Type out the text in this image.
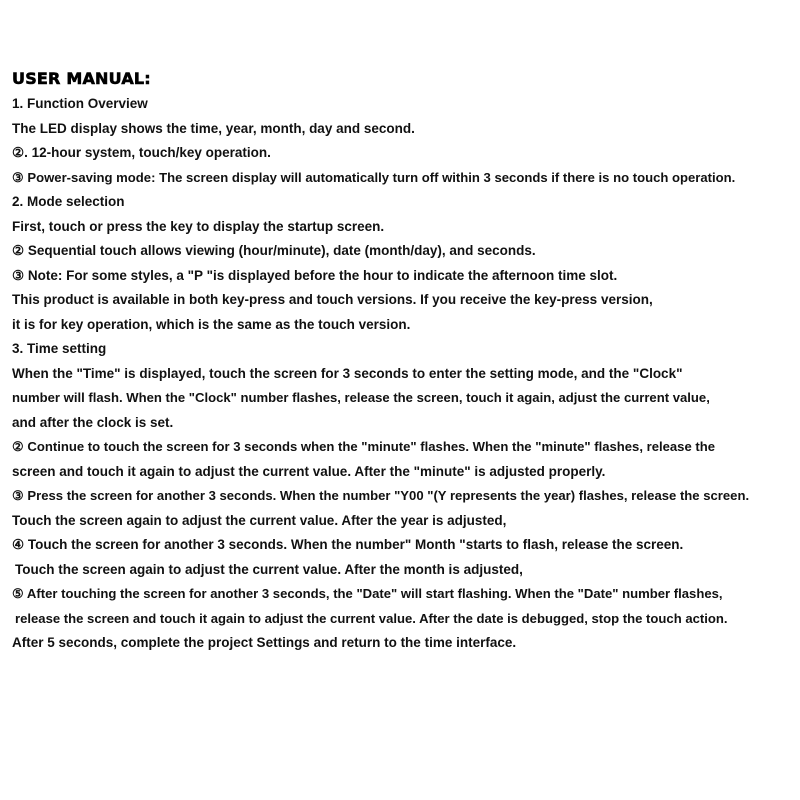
USER MANUAL:
1. Function Overview
The LED display shows the time, year, month, day and second.
②. 12-hour system, touch/key operation.
③ Power-saving mode: The screen display will automatically turn off within 3 seconds if there is no touch operation.
2. Mode selection
First, touch or press the key to display the startup screen.
② Sequential touch allows viewing (hour/minute), date (month/day), and seconds.
③ Note: For some styles, a "P "is displayed before the hour to indicate the afternoon time slot.
This product is available in both key-press and touch versions. If you receive the key-press version,
it is for key operation, which is the same as the touch version.
3. Time setting
When the "Time" is displayed, touch the screen for 3 seconds to enter the setting mode, and the "Clock"
number will flash. When the "Clock" number flashes, release the screen, touch it again, adjust the current value,
and after the clock is set.
② Continue to touch the screen for 3 seconds when the "minute" flashes. When the "minute" flashes, release the
screen and touch it again to adjust the current value. After the "minute" is adjusted properly.
③ Press the screen for another 3 seconds. When the number "Y00 "(Y represents the year) flashes, release the screen.
Touch the screen again to adjust the current value. After the year is adjusted,
④ Touch the screen for another 3 seconds. When the number" Month "starts to flash, release the screen.
Touch the screen again to adjust the current value. After the month is adjusted,
⑤ After touching the screen for another 3 seconds, the "Date" will start flashing. When the "Date" number flashes,
release the screen and touch it again to adjust the current value. After the date is debugged, stop the touch action.
After 5 seconds, complete the project Settings and return to the time interface.
